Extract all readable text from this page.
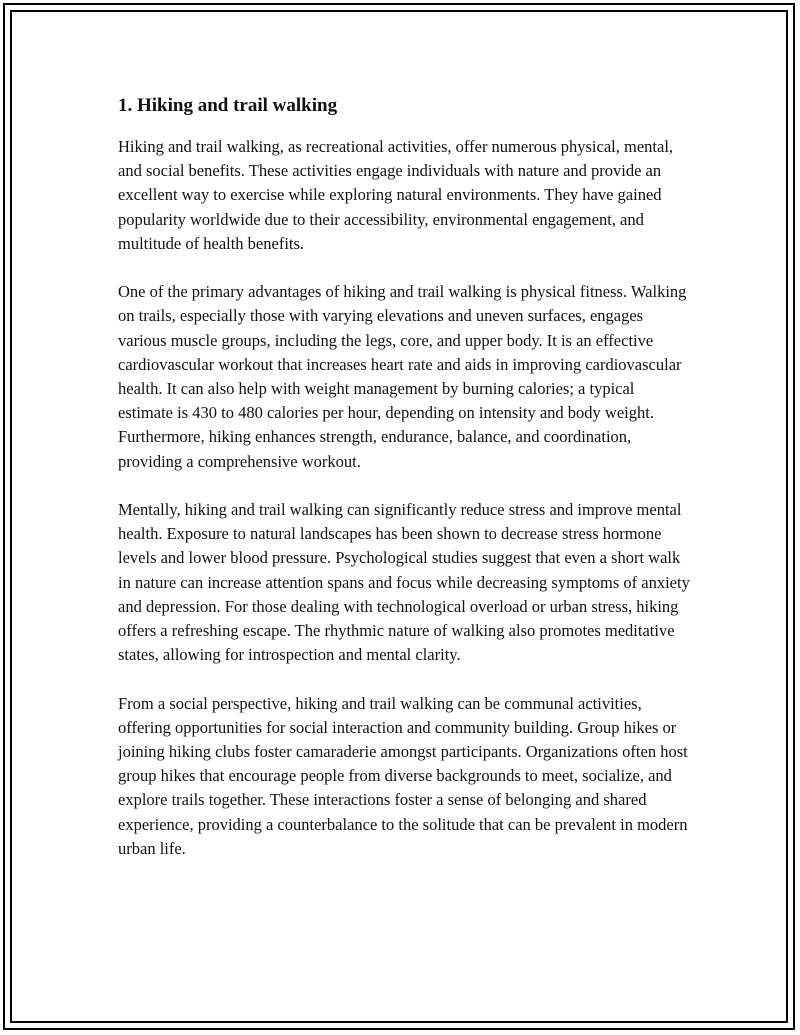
1. Hiking and trail walking

Hiking and trail walking, as recreational activities, offer numerous physical, mental, and social benefits. These activities engage individuals with nature and provide an excellent way to exercise while exploring natural environments. They have gained popularity worldwide due to their accessibility, environmental engagement, and multitude of health benefits.

One of the primary advantages of hiking and trail walking is physical fitness. Walking on trails, especially those with varying elevations and uneven surfaces, engages various muscle groups, including the legs, core, and upper body. It is an effective cardiovascular workout that increases heart rate and aids in improving cardiovascular health. It can also help with weight management by burning calories; a typical estimate is 430 to 480 calories per hour, depending on intensity and body weight. Furthermore, hiking enhances strength, endurance, balance, and coordination, providing a comprehensive workout.

Mentally, hiking and trail walking can significantly reduce stress and improve mental health. Exposure to natural landscapes has been shown to decrease stress hormone levels and lower blood pressure. Psychological studies suggest that even a short walk in nature can increase attention spans and focus while decreasing symptoms of anxiety and depression. For those dealing with technological overload or urban stress, hiking offers a refreshing escape. The rhythmic nature of walking also promotes meditative states, allowing for introspection and mental clarity.

From a social perspective, hiking and trail walking can be communal activities, offering opportunities for social interaction and community building. Group hikes or joining hiking clubs foster camaraderie amongst participants. Organizations often host group hikes that encourage people from diverse backgrounds to meet, socialize, and explore trails together. These interactions foster a sense of belonging and shared experience, providing a counterbalance to the solitude that can be prevalent in modern urban life.
